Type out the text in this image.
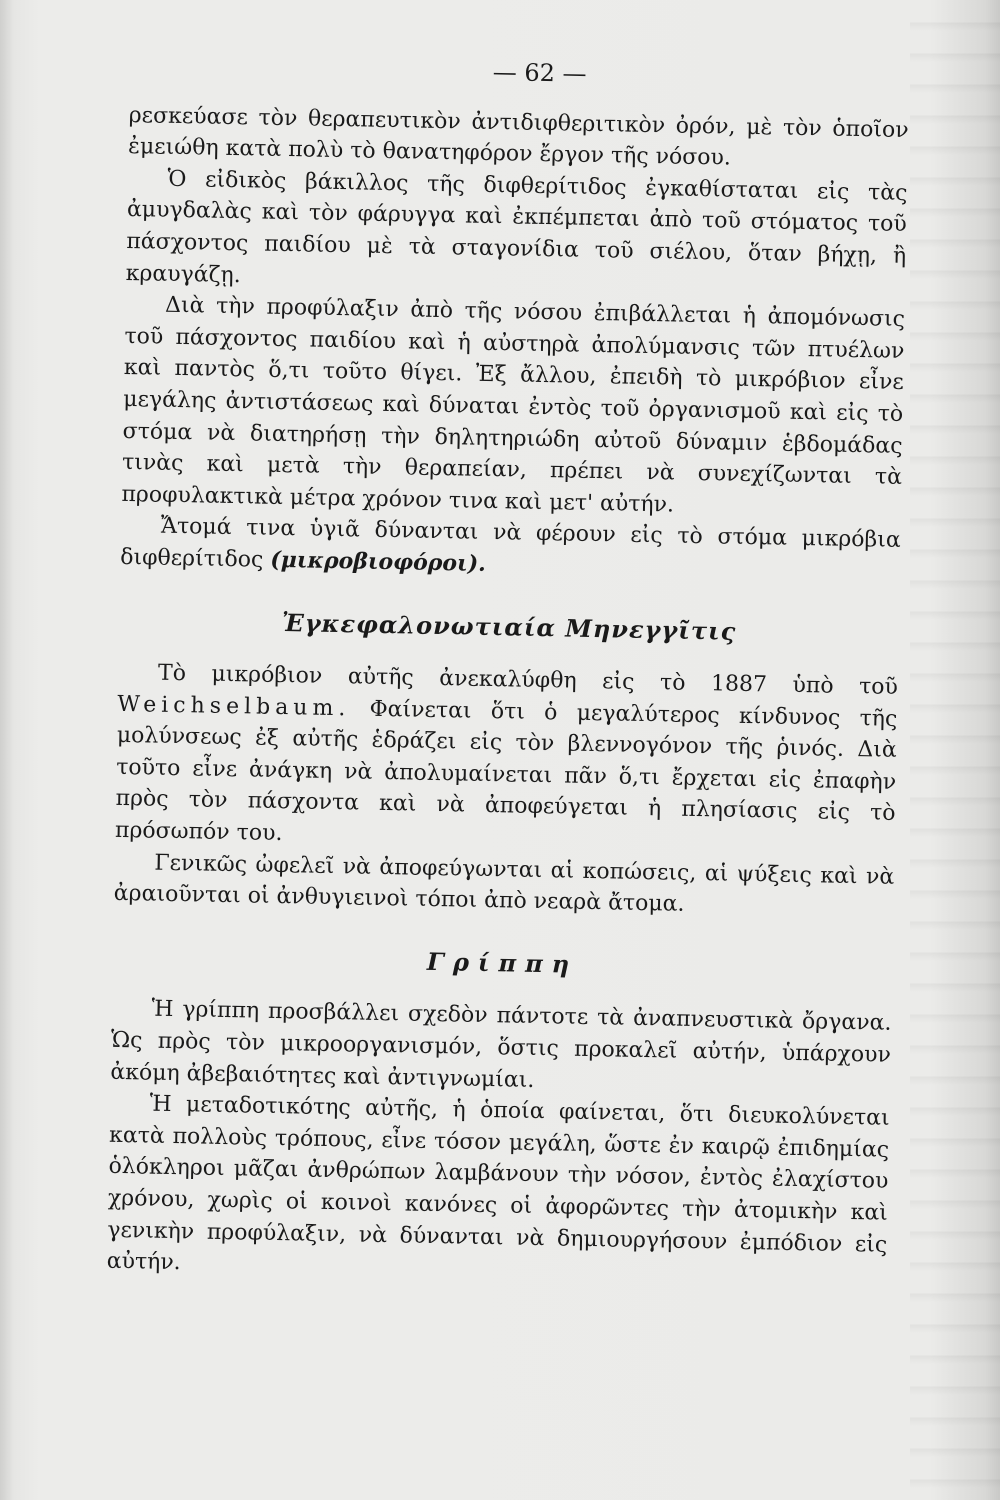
— 62 —

ρεσκεύασε τὸν θεραπευτικὸν ἀντιδιφθεριτικὸν ὀρόν, μὲ τὸν ὁποῖον ἐμειώθη κατὰ πολὺ τὸ θανατηφόρον ἔργον τῆς νόσου.

Ὁ εἰδικὸς βάκιλλος τῆς διφθερίτιδος ἐγκαθίσταται εἰς τὰς ἀμυγδαλὰς καὶ τὸν φάρυγγα καὶ ἐκπέμπεται ἀπὸ τοῦ στόματος τοῦ πάσχοντος παιδίου μὲ τὰ σταγονίδια τοῦ σιέλου, ὅταν βήχῃ, ἢ κραυγάζῃ.

Διὰ τὴν προφύλαξιν ἀπὸ τῆς νόσου ἐπιβάλλεται ἡ ἀπομόνωσις τοῦ πάσχοντος παιδίου καὶ ἡ αὐστηρὰ ἀπολύμανσις τῶν πτυέλων καὶ παντὸς ὅ,τι τοῦτο θίγει. Ἐξ ἄλλου, ἐπειδὴ τὸ μικρόβιον εἶνε μεγάλης ἀντιστάσεως καὶ δύναται ἐντὸς τοῦ ὀργανισμοῦ καὶ εἰς τὸ στόμα νὰ διατηρήσῃ τὴν δηλητηριώδη αὐτοῦ δύναμιν ἑβδομάδας τινὰς καὶ μετὰ τὴν θεραπείαν, πρέπει νὰ συνεχίζωνται τὰ προφυλακτικὰ μέτρα χρόνον τινα καὶ μετ' αὐτήν.

Ἄτομά τινα ὑγιᾶ δύνανται νὰ φέρουν εἰς τὸ στόμα μικρόβια διφθερίτιδος (μικροβιοφόροι).

Ἐγκεφαλονωτιαία Μηνεγγῖτις

Τὸ μικρόβιον αὐτῆς ἀνεκαλύφθη εἰς τὸ 1887 ὑπὸ τοῦ Weichselbaum. Φαίνεται ὅτι ὁ μεγαλύτερος κίνδυνος τῆς μολύνσεως ἐξ αὐτῆς ἑδράζει εἰς τὸν βλεννογόνον τῆς ῥινός. Διὰ τοῦτο εἶνε ἀνάγκη νὰ ἀπολυμαίνεται πᾶν ὅ,τι ἔρχεται εἰς ἐπαφὴν πρὸς τὸν πάσχοντα καὶ νὰ ἀποφεύγεται ἡ πλησίασις εἰς τὸ πρόσωπόν του.

Γενικῶς ὠφελεῖ νὰ ἀποφεύγωνται αἱ κοπώσεις, αἱ ψύξεις καὶ νὰ ἀραιοῦνται οἱ ἀνθυγιεινοὶ τόποι ἀπὸ νεαρὰ ἄτομα.

Γρίππη

Ἡ γρίππη προσβάλλει σχεδὸν πάντοτε τὰ ἀναπνευστικὰ ὄργανα. Ὡς πρὸς τὸν μικροοργανισμόν, ὅστις προκαλεῖ αὐτήν, ὑπάρχουν ἀκόμη ἀβεβαιότητες καὶ ἀντιγνωμίαι.

Ἡ μεταδοτικότης αὐτῆς, ἡ ὁποία φαίνεται, ὅτι διευκολύνεται κατὰ πολλοὺς τρόπους, εἶνε τόσον μεγάλη, ὥστε ἐν καιρῷ ἐπιδημίας ὁλόκληροι μᾶζαι ἀνθρώπων λαμβάνουν τὴν νόσον, ἐντὸς ἐλαχίστου χρόνου, χωρὶς οἱ κοινοὶ κανόνες οἱ ἀφορῶντες τὴν ἀτομικὴν καὶ γενικὴν προφύλαξιν, νὰ δύνανται νὰ δημιουργήσουν ἐμπόδιον εἰς αὐτήν.
